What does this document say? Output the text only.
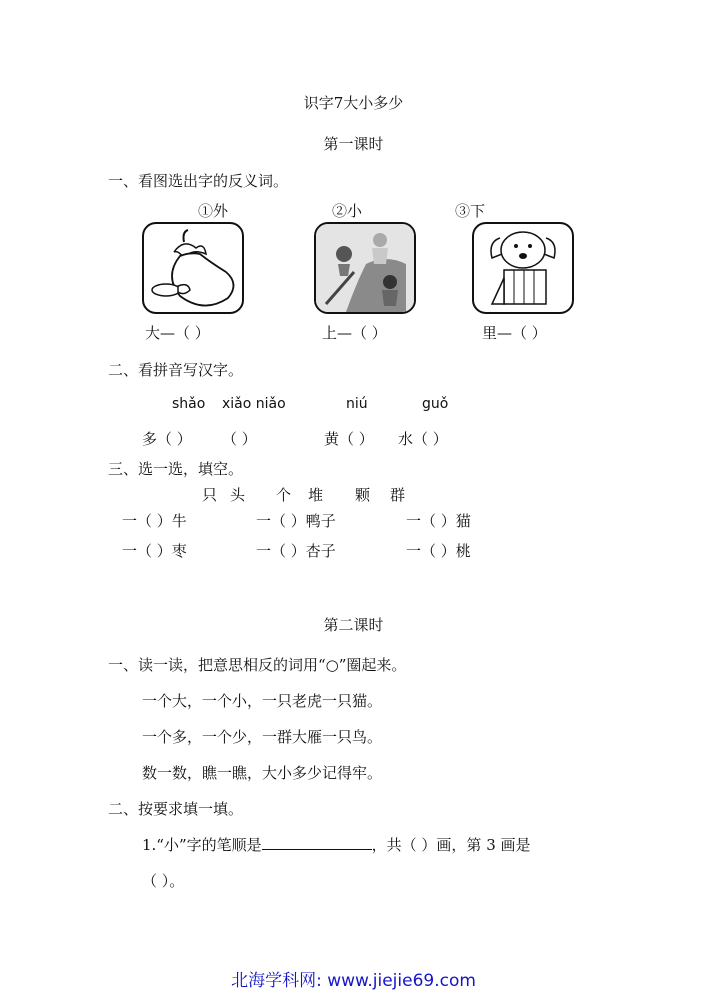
识字7大小多少
第一课时
一、看图选出字的反义词。
①外	②小	③下
大—（ ）	上—（ ）	里—（ ）
二、看拼音写汉字。
shǎo xiǎo niǎo	niú	guǒ
多（ ） （ ）	黄（ ） 水（ ）
三、选一选，填空。
只 头 个 堆 颗 群
一（ ）牛	一（ ）鸭子	一（ ）猫
一（ ）枣	一（ ）杏子	一（ ）桃
第二课时
一、读一读，把意思相反的词用“○”圈起来。
一个大，一个小，一只老虎一只猫。
一个多，一个少，一群大雁一只鸟。
数一数，瞧一瞧，大小多少记得牢。
二、按要求填一填。
1.“小”字的笔顺是	，共（ ）画，第 3 画是
（ ）。
北海学科网: www.jiejie69.com
